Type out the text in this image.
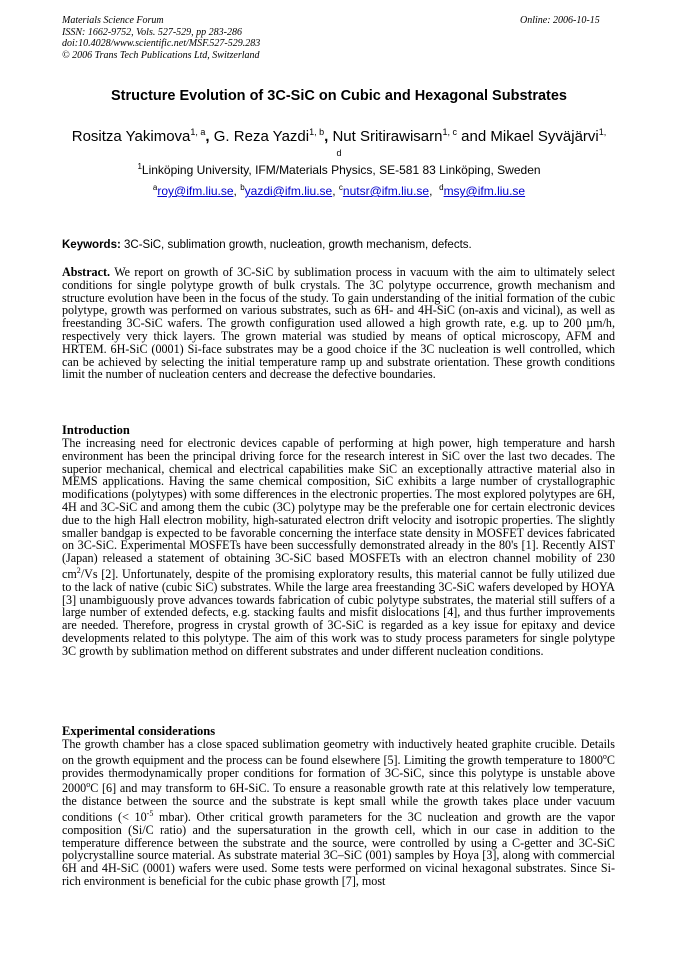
Materials Science Forum
ISSN: 1662-9752, Vols. 527-529, pp 283-286
doi:10.4028/www.scientific.net/MSF.527-529.283
© 2006 Trans Tech Publications Ltd, Switzerland
Online: 2006-10-15
Structure Evolution of 3C-SiC on Cubic and Hexagonal Substrates
Rositza Yakimova$^{1, a}$, G. Reza Yazdi$^{1, b}$, Nut Sritirawisarn$^{1, c}$ and Mikael Syväjärvi$^{1, d}$
$^1$Linköping University, IFM/Materials Physics, SE-581 83 Linköping, Sweden
$^a$roy@ifm.liu.se, $^b$yazdi@ifm.liu.se, $^c$nutsr@ifm.liu.se,  $^d$msy@ifm.liu.se
Keywords: 3C-SiC, sublimation growth, nucleation, growth mechanism, defects.

Abstract. We report on growth of 3C-SiC by sublimation process in vacuum with the aim to ultimately select conditions for single polytype growth of bulk crystals. The 3C polytype occurrence, growth mechanism and structure evolution have been in the focus of the study. To gain understanding of the initial formation of the cubic polytype, growth was performed on various substrates, such as 6H- and 4H-SiC (on-axis and vicinal), as well as freestanding 3C-SiC wafers. The growth configuration used allowed a high growth rate, e.g. up to 200 µm/h, respectively very thick layers. The grown material was studied by means of optical microscopy, AFM and HRTEM. 6H-SiC (0001) Si-face substrates may be a good choice if the 3C nucleation is well controlled, which can be achieved by selecting the initial temperature ramp up and substrate orientation. These growth conditions limit the number of nucleation centers and decrease the defective boundaries.

Introduction

The increasing need for electronic devices capable of performing at high power, high temperature and harsh environment has been the principal driving force for the research interest in SiC over the last two decades. The superior mechanical, chemical and electrical capabilities make SiC an exceptionally attractive material also in MEMS applications. Having the same chemical composition, SiC exhibits a large number of crystallographic modifications (polytypes) with some differences in the electronic properties. The most explored polytypes are 6H, 4H and 3C-SiC and among them the cubic (3C) polytype may be the preferable one for certain electronic devices due to the high Hall electron mobility, high-saturated electron drift velocity and isotropic properties. The slightly smaller bandgap is expected to be favorable concerning the interface state density in MOSFET devices fabricated on 3C-SiC. Experimental MOSFETs have been successfully demonstrated already in the 80's [1]. Recently AIST (Japan) released a statement of obtaining 3C-SiC based MOSFETs with an electron channel mobility of 230 $cm^2/Vs$ [2]. Unfortunately, despite of the promising exploratory results, this material cannot be fully utilized due to the lack of native (cubic SiC) substrates. While the large area freestanding 3C-SiC wafers developed by HOYA [3] unambiguously prove advances towards fabrication of cubic polytype substrates, the material still suffers of a large number of extended defects, e.g. stacking faults and misfit dislocations [4], and thus further improvements are needed. Therefore, progress in crystal growth of 3C-SiC is regarded as a key issue for epitaxy and device developments related to this polytype. The aim of this work was to study process parameters for single polytype 3C growth by sublimation method on different substrates and under different nucleation conditions.

Experimental considerations

The growth chamber has a close spaced sublimation geometry with inductively heated graphite crucible. Details on the growth equipment and the process can be found elsewhere [5]. Limiting the growth temperature to 1800$^o$C provides thermodynamically proper conditions for formation of 3C-SiC, since this polytype is unstable above 2000$^o$C [6] and may transform to 6H-SiC. To ensure a reasonable growth rate at this relatively low temperature, the distance between the source and the substrate is kept small while the growth takes place under vacuum conditions (< $10^{-5}$ mbar). Other critical growth parameters for the 3C nucleation and growth are the vapor composition (Si/C ratio) and the supersaturation in the growth cell, which in our case in addition to the temperature difference between the substrate and the source, were controlled by using a C-getter and 3C-SiC polycrystalline source material. As substrate material 3C–SiC (001) samples by Hoya [3], along with commercial 6H and 4H-SiC (0001) wafers were used. Some tests were performed on vicinal hexagonal substrates. Since Si-rich environment is beneficial for the cubic phase growth [7], most
